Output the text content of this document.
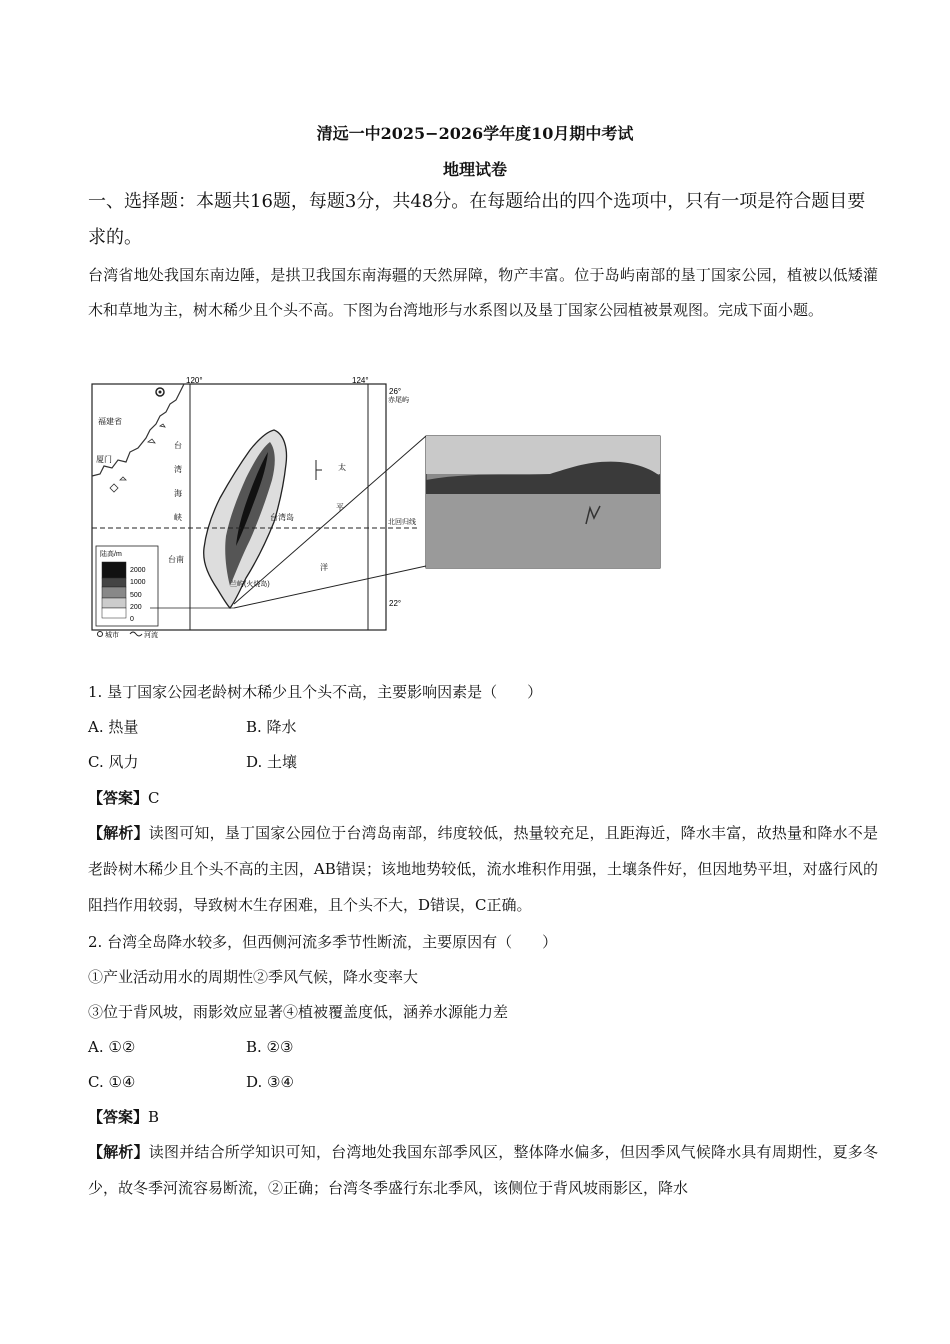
清远一中2025−2026学年度10月期中考试
地理试卷
一、选择题：本题共16题，每题3分，共48分。在每题给出的四个选项中，只有一项是符合题目要求的。
台湾省地处我国东南边陲，是拱卫我国东南海疆的天然屏障，物产丰富。位于岛屿南部的垦丁国家公园，植被以低矮灌木和草地为主，树木稀少且个头不高。下图为台湾地形与水系图以及垦丁国家公园植被景观图。完成下面小题。
120°	124°
26°
22°
福建省
厦门
台
湾
海
峡
台南
台湾岛
太
平
洋
赤尾屿
北回归线
兰屿(火烧岛)
陆高/m
2000
1000
500
200
0
城市	河流
1. 垦丁国家公园老龄树木稀少且个头不高，主要影响因素是（　　）
A. 热量	B. 降水
C. 风力	D. 土壤
【答案】C
【解析】读图可知，垦丁国家公园位于台湾岛南部，纬度较低，热量较充足，且距海近，降水丰富，故热量和降水不是老龄树木稀少且个头不高的主因，AB错误；该地地势较低，流水堆积作用强，土壤条件好，但因地势平坦，对盛行风的阻挡作用较弱，导致树木生存困难，且个头不大，D错误，C正确。
2. 台湾全岛降水较多，但西侧河流多季节性断流，主要原因有（　　）
①产业活动用水的周期性②季风气候，降水变率大
③位于背风坡，雨影效应显著④植被覆盖度低，涵养水源能力差
A. ①②	B. ②③
C. ①④	D. ③④
【答案】B
【解析】读图并结合所学知识可知，台湾地处我国东部季风区，整体降水偏多，但因季风气候降水具有周期性，夏多冬少，故冬季河流容易断流，②正确；台湾冬季盛行东北季风，该侧位于背风坡雨影区，降水
